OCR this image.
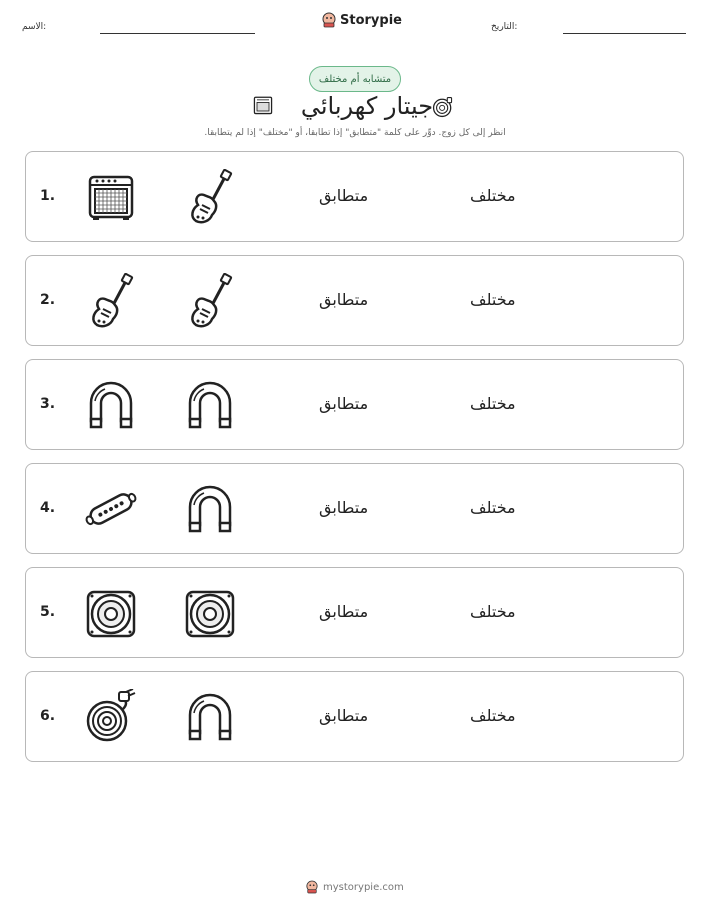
الاسم:	Storypie	التاريخ:
متشابه أم مختلف
جيتار كهربائي
انظر إلى كل زوج. دوِّر على كلمة "متطابق" إذا تطابقا، أو "مختلف" إذا لم يتطابقا.
1.	متطابق	مختلف
2.	متطابق	مختلف
3.	متطابق	مختلف
4.	متطابق	مختلف
5.	متطابق	مختلف
6.	متطابق	مختلف
mystorypie.com
